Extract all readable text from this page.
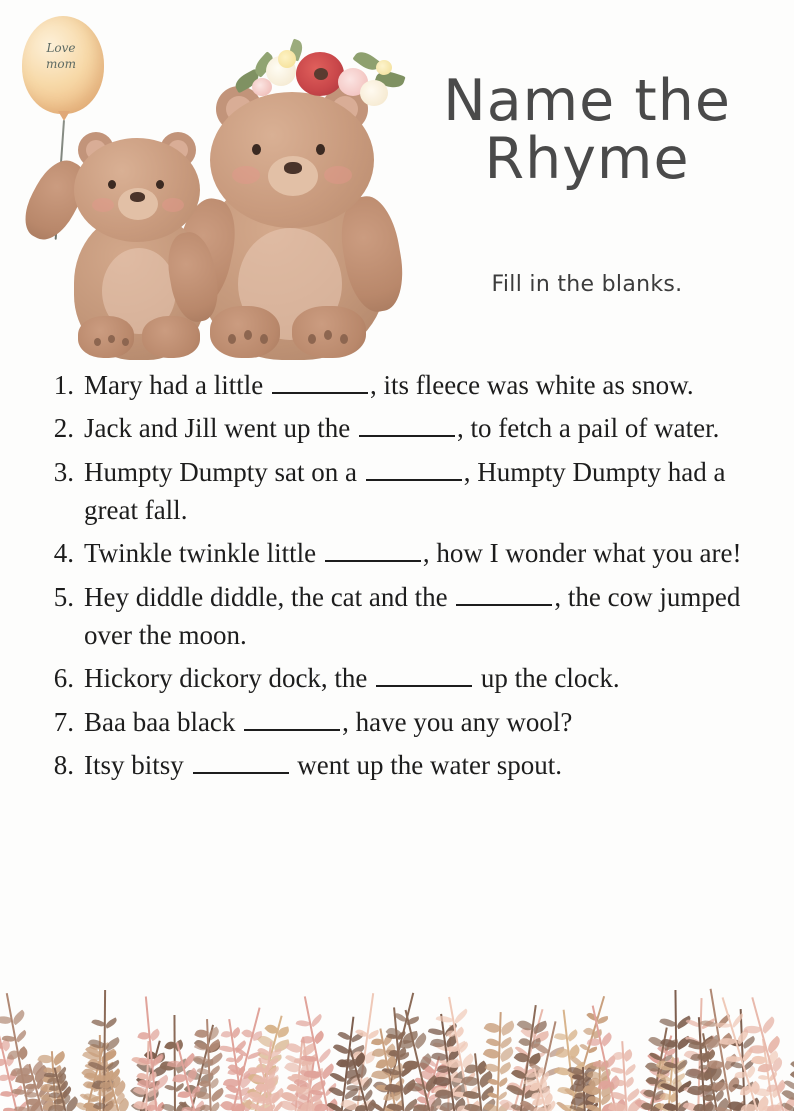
Love
mom
Name the
Rhyme
Fill in the blanks.
1. Mary had a little	, its fleece was white as snow.
2. Jack and Jill went up the	, to fetch a pail of water.
3. Humpty Dumpty sat on a	, Humpty Dumpty had a great fall.
4. Twinkle twinkle little	, how I wonder what you are!
5. Hey diddle diddle, the cat and the	, the cow jumped over the moon.
6. Hickory dickory dock, the	up the clock.
7. Baa baa black	, have you any wool?
8. Itsy bitsy	went up the water spout.
